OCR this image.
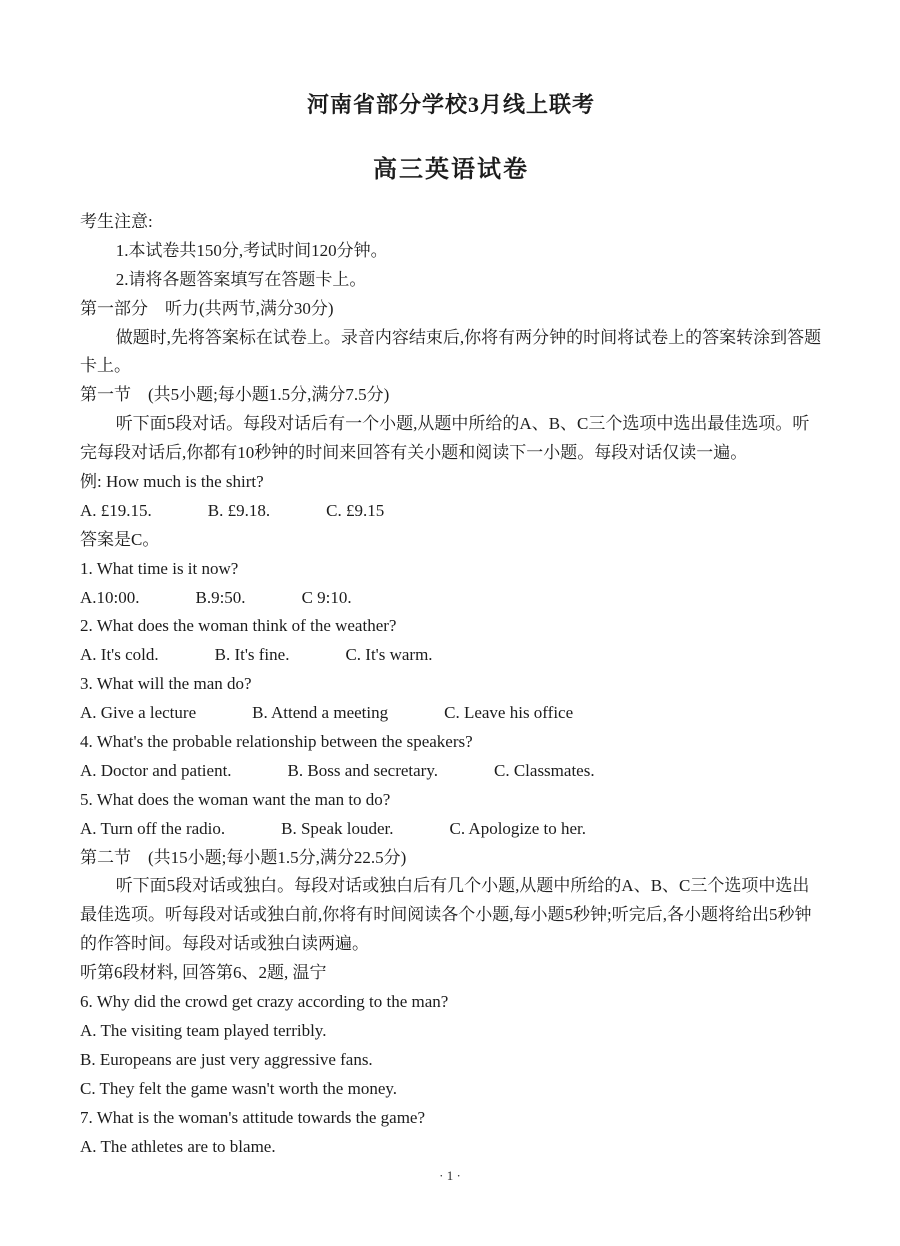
河南省部分学校3月线上联考
高三英语试卷

考生注意:

1.本试卷共150分,考试时间120分钟。

2.请将各题答案填写在答题卡上。

第一部分　听力(共两节,满分30分)

做题时,先将答案标在试卷上。录音内容结束后,你将有两分钟的时间将试卷上的答案转涂到答题卡上。

第一节　(共5小题;每小题1.5分,满分7.5分)

听下面5段对话。每段对话后有一个小题,从题中所给的A、B、C三个选项中选出最佳选项。听完每段对话后,你都有10秒钟的时间来回答有关小题和阅读下一小题。每段对话仅读一遍。

例: How much is the shirt?

A. £19.15.	B. £9.18.	C. £9.15

答案是C。

1. What time is it now?

A.10:00.	B.9:50.	C 9:10.

2. What does the woman think of the weather?

A. It's cold.	B. It's fine.	C. It's warm.

3. What will the man do?

A. Give a lecture	B. Attend a meeting	C. Leave his office

4. What's the probable relationship between the speakers?

A. Doctor and patient.	B. Boss and secretary.	C. Classmates.

5. What does the woman want the man to do?

A. Turn off the radio.	B. Speak louder.	C. Apologize to her.

第二节　(共15小题;每小题1.5分,满分22.5分)

听下面5段对话或独白。每段对话或独白后有几个小题,从题中所给的A、B、C三个选项中选出最佳选项。听每段对话或独白前,你将有时间阅读各个小题,每小题5秒钟;听完后,各小题将给出5秒钟的作答时间。每段对话或独白读两遍。

听第6段材料, 回答第6、2题, 温宁

6. Why did the crowd get crazy according to the man?

A. The visiting team played terribly.

B. Europeans are just very aggressive fans.

C. They felt the game wasn't worth the money.

7. What is the woman's attitude towards the game?

A. The athletes are to blame.

· 1 ·
